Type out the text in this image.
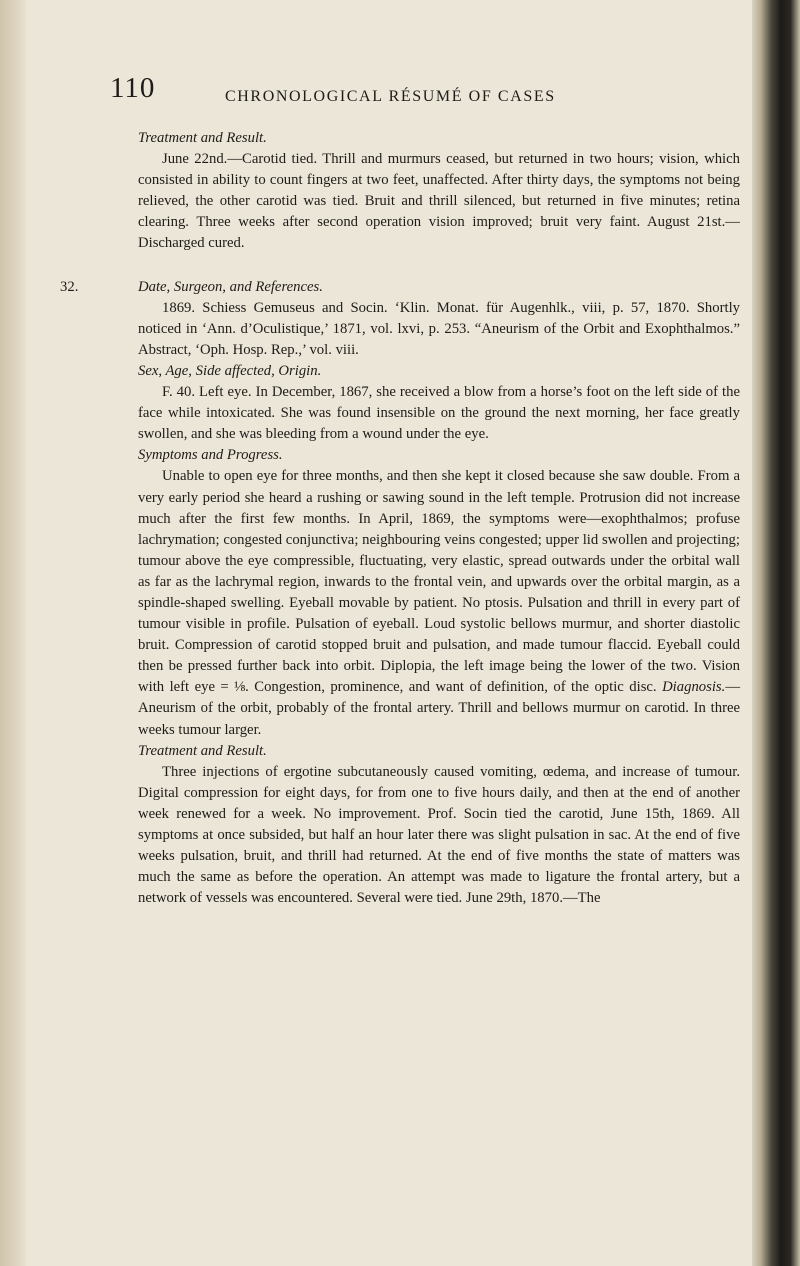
110	CHRONOLOGICAL RÉSUMÉ OF CASES

Treatment and Result.

June 22nd.—Carotid tied. Thrill and murmurs ceased, but returned in two hours; vision, which consisted in ability to count fingers at two feet, unaffected. After thirty days, the symptoms not being relieved, the other carotid was tied. Bruit and thrill silenced, but returned in five minutes; retina clearing. Three weeks after second operation vision improved; bruit very faint. August 21st.—Discharged cured.

32.	Date, Surgeon, and References.

1869. Schiess Gemuseus and Socin. ‘Klin. Monat. für Augenhlk., viii, p. 57, 1870. Shortly noticed in ‘Ann. d’Oculistique,’ 1871, vol. lxvi, p. 253. “Aneurism of the Orbit and Exophthalmos.” Abstract, ‘Oph. Hosp. Rep.,’ vol. viii.

Sex, Age, Side affected, Origin.

F. 40. Left eye. In December, 1867, she received a blow from a horse’s foot on the left side of the face while intoxicated. She was found insensible on the ground the next morning, her face greatly swollen, and she was bleeding from a wound under the eye.

Symptoms and Progress.

Unable to open eye for three months, and then she kept it closed because she saw double. From a very early period she heard a rushing or sawing sound in the left temple. Protrusion did not increase much after the first few months. In April, 1869, the symptoms were—exophthalmos; profuse lachrymation; congested conjunctiva; neighbouring veins congested; upper lid swollen and projecting; tumour above the eye compressible, fluctuating, very elastic, spread outwards under the orbital wall as far as the lachrymal region, inwards to the frontal vein, and upwards over the orbital margin, as a spindle-shaped swelling. Eyeball movable by patient. No ptosis. Pulsation and thrill in every part of tumour visible in profile. Pulsation of eyeball. Loud systolic bellows murmur, and shorter diastolic bruit. Compression of carotid stopped bruit and pulsation, and made tumour flaccid. Eyeball could then be pressed further back into orbit. Diplopia, the left image being the lower of the two. Vision with left eye = ⅛. Congestion, prominence, and want of definition, of the optic disc. Diagnosis.—Aneurism of the orbit, probably of the frontal artery. Thrill and bellows murmur on carotid. In three weeks tumour larger.

Treatment and Result.

Three injections of ergotine subcutaneously caused vomiting, œdema, and increase of tumour. Digital compression for eight days, for from one to five hours daily, and then at the end of another week renewed for a week. No improvement. Prof. Socin tied the carotid, June 15th, 1869. All symptoms at once subsided, but half an hour later there was slight pulsation in sac. At the end of five weeks pulsation, bruit, and thrill had returned. At the end of five months the state of matters was much the same as before the operation. An attempt was made to ligature the frontal artery, but a network of vessels was encountered. Several were tied. June 29th, 1870.—The
